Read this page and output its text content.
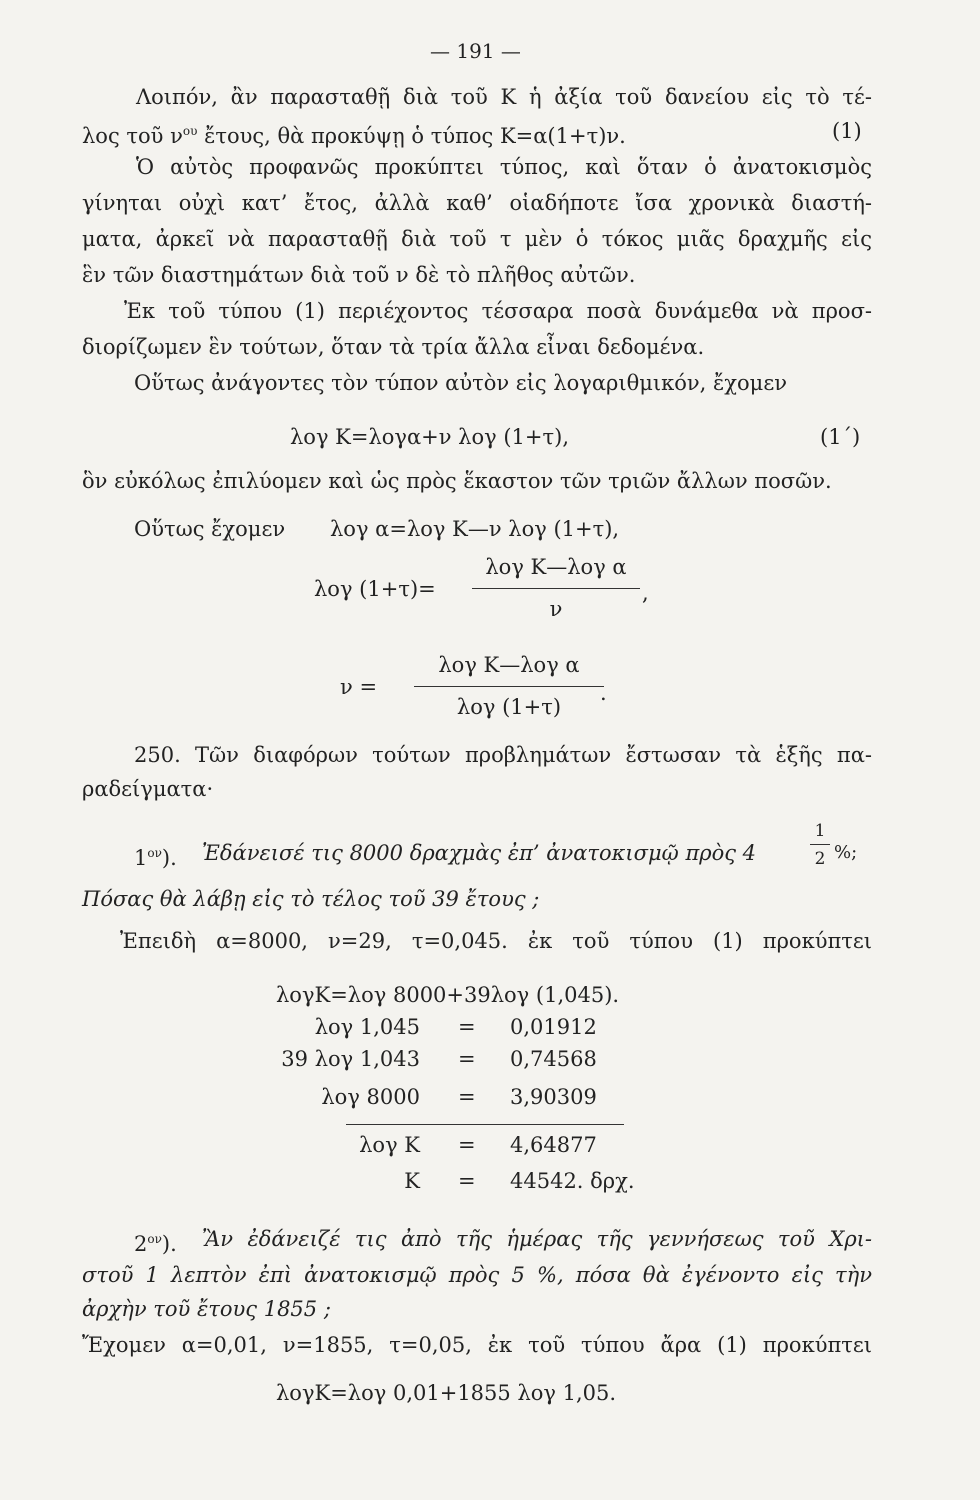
— 191 —
Λοιπόν, ἂν παρασταθῇ διὰ τοῦ Κ ἡ ἀξία τοῦ δανείου εἰς τὸ τέ-
λος τοῦ $\nu^{o\upsilon}$ ἔτους, θὰ προκύψῃ ὁ τύπος Κ=α(1+τ)ν.	(1)
Ὁ αὐτὸς προφανῶς προκύπτει τύπος, καὶ ὅταν ὁ ἀνατοκισμὸς
γίνηται οὐχὶ κατ’ ἔτος, ἀλλὰ καθ’ οἱαδήποτε ἴσα χρονικὰ διαστή-
ματα, ἀρκεῖ νὰ παρασταθῇ διὰ τοῦ τ μὲν ὁ τόκος μιᾶς δραχμῆς εἰς
ἓν τῶν διαστημάτων διὰ τοῦ ν δὲ τὸ πλῆθος αὐτῶν.
Ἐκ τοῦ τύπου (1) περιέχοντος τέσσαρα ποσὰ δυνάμεθα νὰ προσ-
διορίζωμεν ἓν τούτων, ὅταν τὰ τρία ἄλλα εἶναι δεδομένα.
Οὕτως ἀνάγοντες τὸν τύπον αὐτὸν εἰς λογαριθμικόν, ἔχομεν
λογ Κ=λογα+ν λογ (1+τ),	(1΄)
ὃν εὐκόλως ἐπιλύομεν καὶ ὡς πρὸς ἕκαστον τῶν τριῶν ἄλλων ποσῶν.
Οὕτως ἔχομεν λογ α=λογ Κ—ν λογ (1+τ),
λογ (1+τ)=
λογ Κ—λογ α
ν
,
ν =
λογ Κ—λογ α
λογ (1+τ)
.
250. Τῶν διαφόρων τούτων προβλημάτων ἔστωσαν τὰ ἑξῆς πα-
ραδείγματα·
$1^{o\nu}$). Ἐδάνεισέ τις 8000 δραχμὰς ἐπ’ ἀνατοκισμῷ πρὸς 4
1
2 %;
Πόσας θὰ λάβῃ εἰς τὸ τέλος τοῦ 39 ἔτους ;
Ἐπειδὴ α=8000, ν=29, τ=0,045. ἐκ τοῦ τύπου (1) προκύπτει
λογΚ=λογ 8000+39λογ (1,045).
λογ 1,045 = 0,01912
39 λογ 1,043 = 0,74568
λογ 8000 = 3,90309
λογ Κ = 4,64877
Κ = 44542. δρχ.
$2^{o\nu}$). Ἂν ἐδάνειζέ τις ἀπὸ τῆς ἡμέρας τῆς γεννήσεως τοῦ Χρι-
στοῦ 1 λεπτὸν ἐπὶ ἀνατοκισμῷ πρὸς 5 %, πόσα θὰ ἐγένοντο εἰς τὴν
ἀρχὴν τοῦ ἔτους 1855 ;
Ἔχομεν α=0,01, ν=1855, τ=0,05, ἐκ τοῦ τύπου ἄρα (1) προκύπτει
λογΚ=λογ 0,01+1855 λογ 1,05.
